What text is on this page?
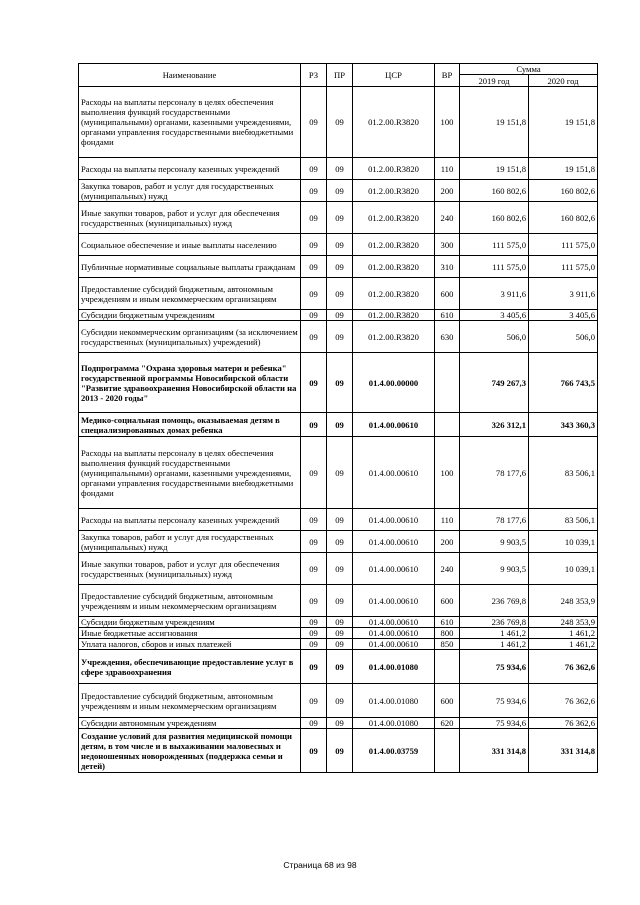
Наименование	РЗ	ПР	ЦСР	ВР	Сумма	
					2019 год	2020 год
Расходы на выплаты персоналу в целях обеспечения выполнения функций государственными (муниципальными) органами, казенными учреждениями, органами управления государственными внебюджетными фондами	09	09	01.2.00.R3820	100	19 151,8	19 151,8
Расходы на выплаты персоналу казенных учреждений	09	09	01.2.00.R3820	110	19 151,8	19 151,8
Закупка товаров, работ и услуг для государственных (муниципальных) нужд	09	09	01.2.00.R3820	200	160 802,6	160 802,6
Иные закупки товаров, работ и услуг для обеспечения государственных (муниципальных) нужд	09	09	01.2.00.R3820	240	160 802,6	160 802,6
Социальное обеспечение и иные выплаты населению	09	09	01.2.00.R3820	300	111 575,0	111 575,0
Публичные нормативные социальные выплаты гражданам	09	09	01.2.00.R3820	310	111 575,0	111 575,0
Предоставление субсидий бюджетным, автономным учреждениям и иным некоммерческим организациям	09	09	01.2.00.R3820	600	3 911,6	3 911,6
Субсидии бюджетным учреждениям	09	09	01.2.00.R3820	610	3 405,6	3 405,6
Субсидии некоммерческим организациям (за исключением государственных (муниципальных) учреждений)	09	09	01.2.00.R3820	630	506,0	506,0
Подпрограмма "Охрана здоровья матери и ребенка" государственной программы Новосибирской области "Развитие здравоохранения Новосибирской области на 2013 - 2020 годы"	09	09	01.4.00.00000		749 267,3	766 743,5
Медико-социальная помощь, оказываемая детям в специализированных домах ребенка	09	09	01.4.00.00610		326 312,1	343 360,3
Расходы на выплаты персоналу в целях обеспечения выполнения функций государственными (муниципальными) органами, казенными учреждениями, органами управления государственными внебюджетными фондами	09	09	01.4.00.00610	100	78 177,6	83 506,1
Расходы на выплаты персоналу казенных учреждений	09	09	01.4.00.00610	110	78 177,6	83 506,1
Закупка товаров, работ и услуг для государственных (муниципальных) нужд	09	09	01.4.00.00610	200	9 903,5	10 039,1
Иные закупки товаров, работ и услуг для обеспечения государственных (муниципальных) нужд	09	09	01.4.00.00610	240	9 903,5	10 039,1
Предоставление субсидий бюджетным, автономным учреждениям и иным некоммерческим организациям	09	09	01.4.00.00610	600	236 769,8	248 353,9
Субсидии бюджетным учреждениям	09	09	01.4.00.00610	610	236 769,8	248 353,9
Иные бюджетные ассигнования	09	09	01.4.00.00610	800	1 461,2	1 461,2
Уплата налогов, сборов и иных платежей	09	09	01.4.00.00610	850	1 461,2	1 461,2
Учреждения, обеспечивающие предоставление услуг в сфере здравоохранения	09	09	01.4.00.01080		75 934,6	76 362,6
Предоставление субсидий бюджетным, автономным учреждениям и иным некоммерческим организациям	09	09	01.4.00.01080	600	75 934,6	76 362,6
Субсидии автономным учреждениям	09	09	01.4.00.01080	620	75 934,6	76 362,6
Создание условий для развития медицинской помощи детям, в том числе и в выхаживании маловесных и недоношенных новорожденных (поддержка семьи и детей)	09	09	01.4.00.03759		331 314,8	331 314,8
Страница 68 из 98
